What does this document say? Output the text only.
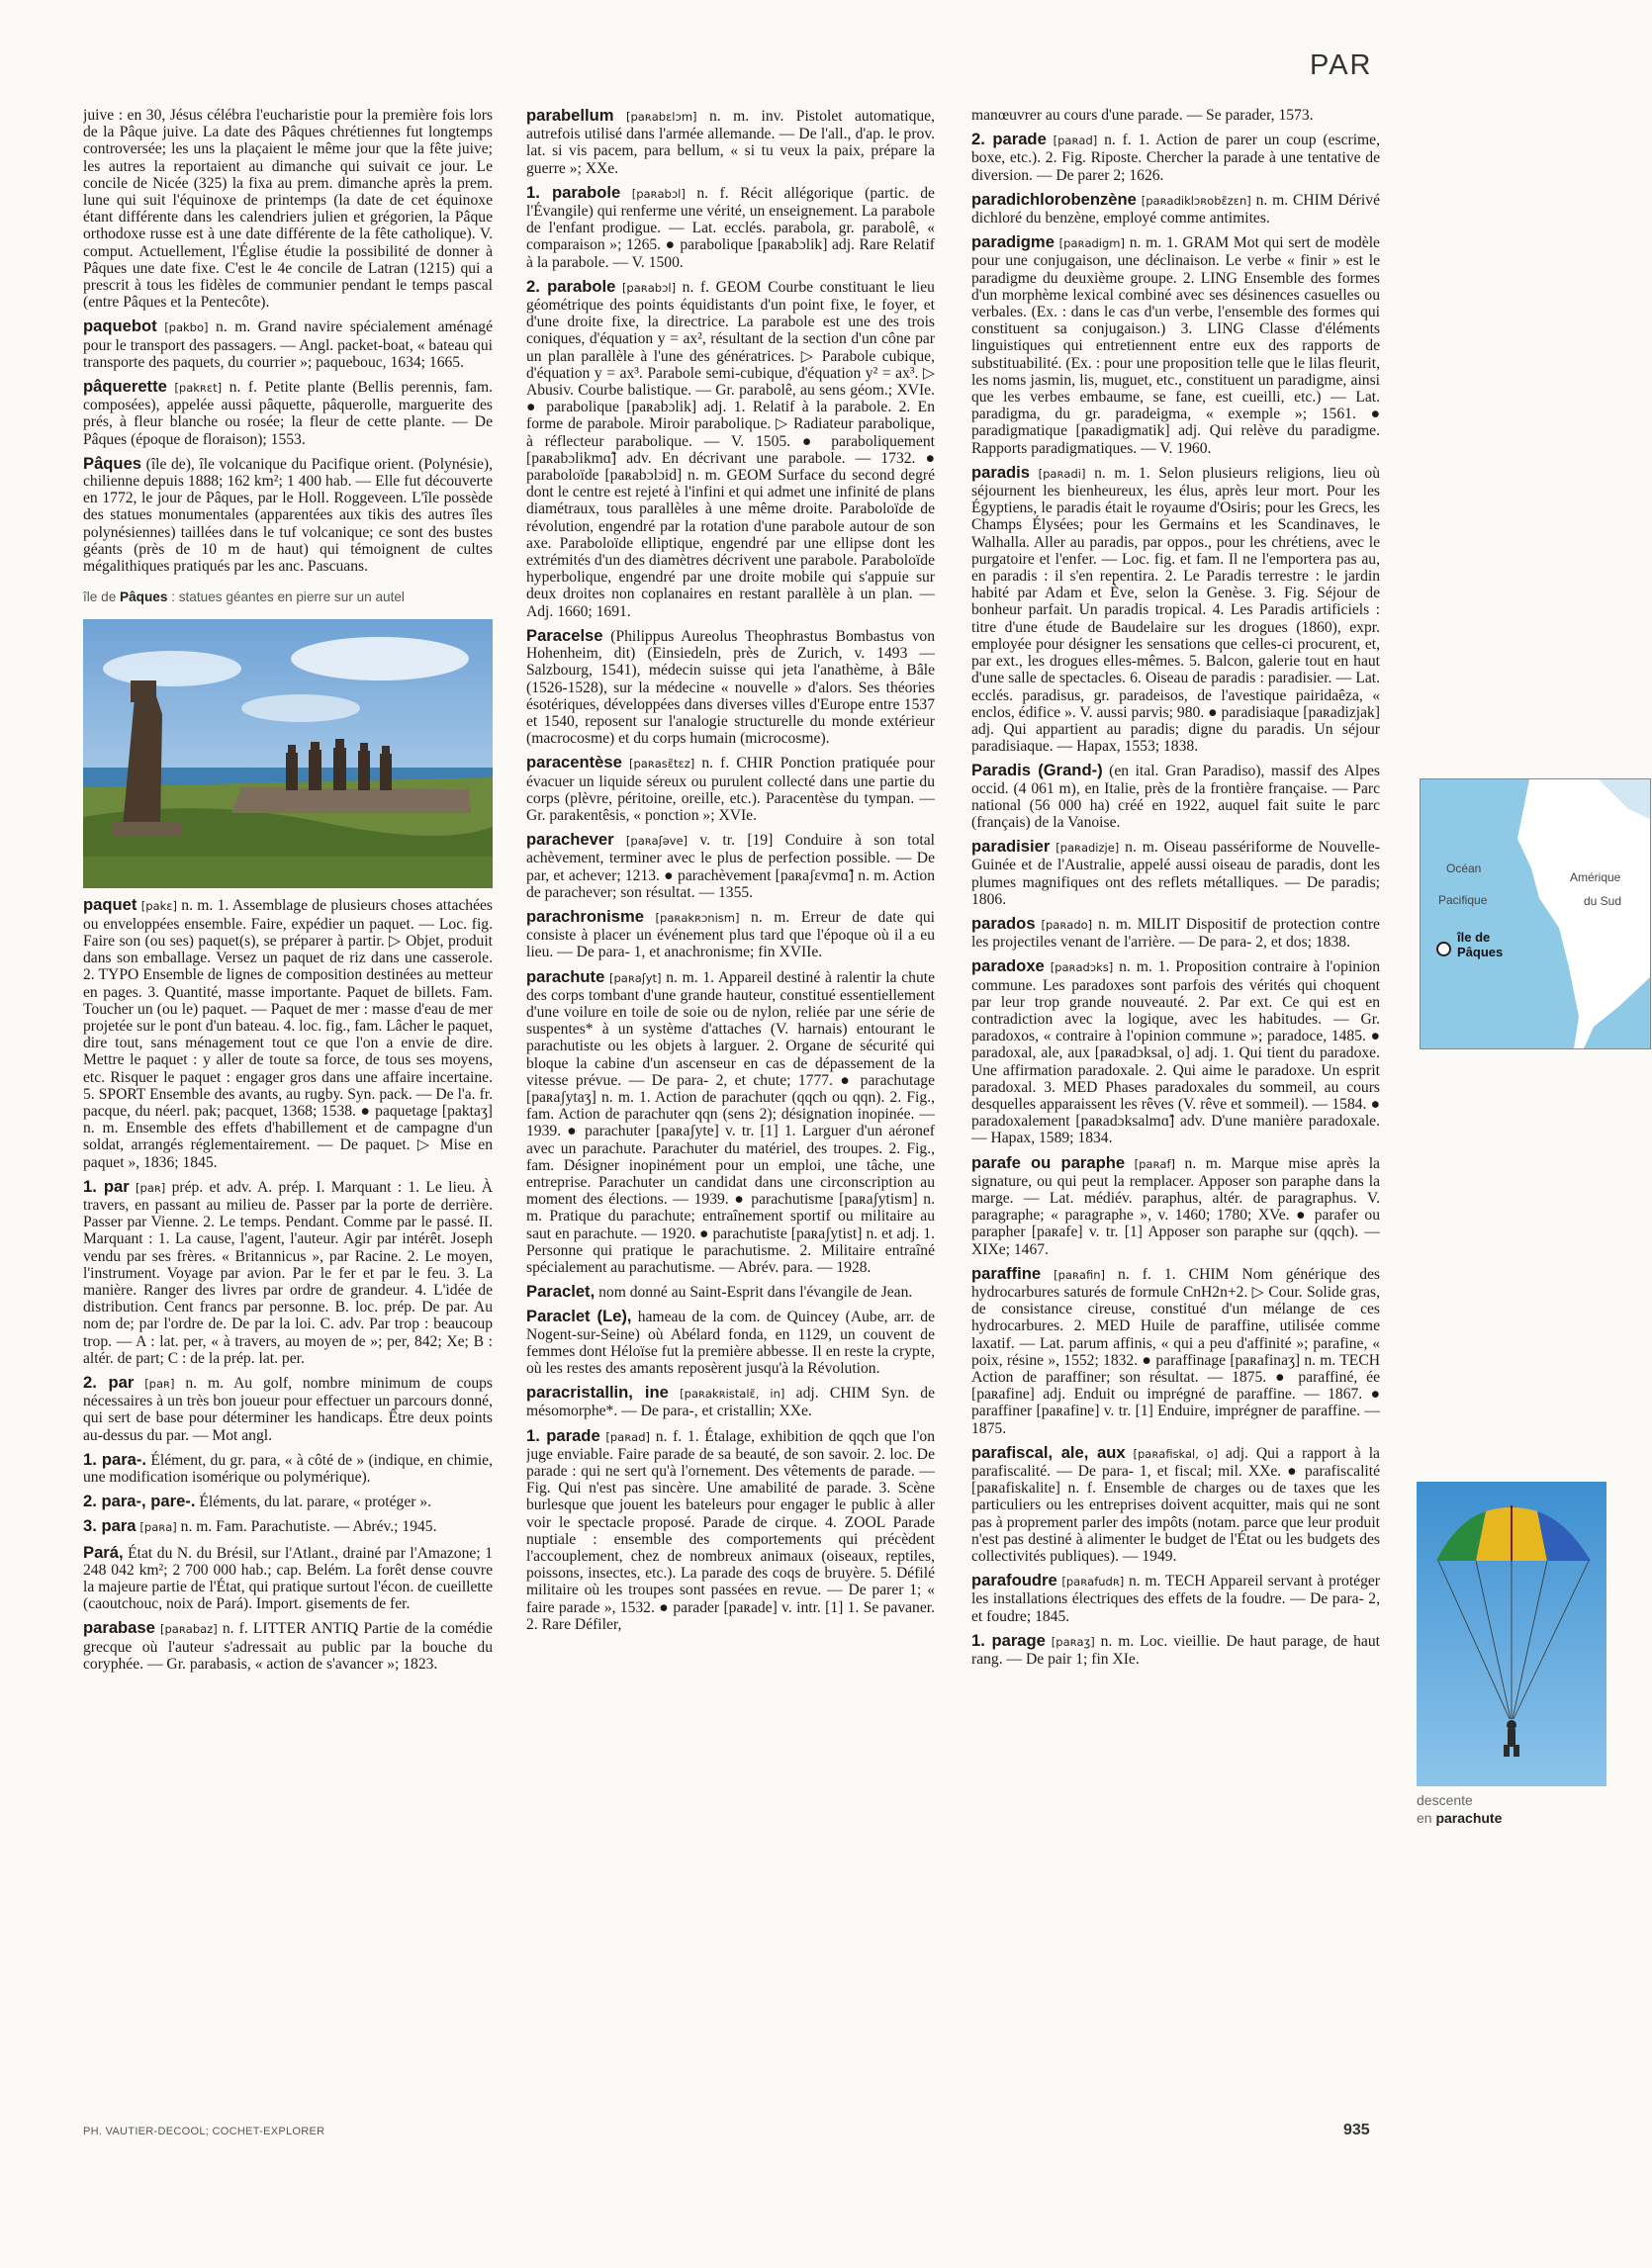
PAR

juive : en 30, Jésus célébra l'eucharistie pour la première fois lors de la Pâque juive. La date des Pâques chrétiennes fut longtemps controversée; les uns la plaçaient le même jour que la fête juive; les autres la reportaient au dimanche qui suivait ce jour. Le concile de Nicée (325) la fixa au prem. dimanche après la prem. lune qui suit l'équinoxe de printemps (la date de cet équinoxe étant différente dans les calendriers julien et grégorien, la Pâque orthodoxe russe est à une date différente de la fête catholique). V. comput. Actuellement, l'Église étudie la possibilité de donner à Pâques une date fixe. C'est le 4e concile de Latran (1215) qui a prescrit à tous les fidèles de communier pendant le temps pascal (entre Pâques et la Pentecôte).

paquebot [pakbo] n. m. Grand navire spécialement aménagé pour le transport des passagers. — Angl. packet-boat, « bateau qui transporte des paquets, du courrier »; paquebouc, 1634; 1665.

pâquerette [pakʀɛt] n. f. Petite plante (Bellis perennis, fam. composées), appelée aussi pâquette, pâquerolle, marguerite des prés, à fleur blanche ou rosée; la fleur de cette plante. — De Pâques (époque de floraison); 1553.

Pâques (île de), île volcanique du Pacifique orient. (Polynésie), chilienne depuis 1888; 162 km²; 1 400 hab. — Elle fut découverte en 1772, le jour de Pâques, par le Holl. Roggeveen. L'île possède des statues monumentales (apparentées aux tikis des autres îles polynésiennes) taillées dans le tuf volcanique; ce sont des bustes géants (près de 10 m de haut) qui témoignent de cultes mégalithiques pratiqués par les anc. Pascuans.

île de Pâques : statues géantes en pierre sur un autel

paquet [pakɛ] n. m. 1. Assemblage de plusieurs choses attachées ou enveloppées ensemble. Faire, expédier un paquet. — Loc. fig. Faire son (ou ses) paquet(s), se préparer à partir. ▷ Objet, produit dans son emballage. Versez un paquet de riz dans une casserole. 2. TYPO Ensemble de lignes de composition destinées au metteur en pages. 3. Quantité, masse importante. Paquet de billets. Fam. Toucher un (ou le) paquet. — Paquet de mer : masse d'eau de mer projetée sur le pont d'un bateau. 4. loc. fig., fam. Lâcher le paquet, dire tout, sans ménagement tout ce que l'on a envie de dire. Mettre le paquet : y aller de toute sa force, de tous ses moyens, etc. Risquer le paquet : engager gros dans une affaire incertaine. 5. SPORT Ensemble des avants, au rugby. Syn. pack. — De l'a. fr. pacque, du néerl. pak; pacquet, 1368; 1538. ● paquetage [paktaʒ] n. m. Ensemble des effets d'habillement et de campagne d'un soldat, arrangés réglementairement. — De paquet. ▷ Mise en paquet », 1836; 1845.

1. par [paʀ] prép. et adv. A. prép. I. Marquant : 1. Le lieu. À travers, en passant au milieu de. Passer par la porte de derrière. Passer par Vienne. 2. Le temps. Pendant. Comme par le passé. II. Marquant : 1. La cause, l'agent, l'auteur. Agir par intérêt. Joseph vendu par ses frères. « Britannicus », par Racine. 2. Le moyen, l'instrument. Voyage par avion. Par le fer et par le feu. 3. La manière. Ranger des livres par ordre de grandeur. 4. L'idée de distribution. Cent francs par personne. B. loc. prép. De par. Au nom de; par l'ordre de. De par la loi. C. adv. Par trop : beaucoup trop. — A : lat. per, « à travers, au moyen de »; per, 842; Xe; B : altér. de part; C : de la prép. lat. per.

2. par [paʀ] n. m. Au golf, nombre minimum de coups nécessaires à un très bon joueur pour effectuer un parcours donné, qui sert de base pour déterminer les handicaps. Être deux points au-dessus du par. — Mot angl.

1. para-. Élément, du gr. para, « à côté de » (indique, en chimie, une modification isomérique ou polymérique).

2. para-, pare-. Éléments, du lat. parare, « protéger ».

3. para [paʀa] n. m. Fam. Parachutiste. — Abrév.; 1945.

Pará, État du N. du Brésil, sur l'Atlant., drainé par l'Amazone; 1 248 042 km²; 2 700 000 hab.; cap. Belém. La forêt dense couvre la majeure partie de l'État, qui pratique surtout l'écon. de cueillette (caoutchouc, noix de Pará). Import. gisements de fer.

parabase [paʀabaz] n. f. LITTER ANTIQ Partie de la comédie grecque où l'auteur s'adressait au public par la bouche du coryphée. — Gr. parabasis, « action de s'avancer »; 1823.

parabellum [paʀabɛlɔm] n. m. inv. Pistolet automatique, autrefois utilisé dans l'armée allemande. — De l'all., d'ap. le prov. lat. si vis pacem, para bellum, « si tu veux la paix, prépare la guerre »; XXe.

1. parabole [paʀabɔl] n. f. Récit allégorique (partic. de l'Évangile) qui renferme une vérité, un enseignement. La parabole de l'enfant prodigue. — Lat. ecclés. parabola, gr. parabolê, « comparaison »; 1265. ● parabolique [paʀabɔlik] adj. Rare Relatif à la parabole. — V. 1500.

2. parabole [paʀabɔl] n. f. GEOM Courbe constituant le lieu géométrique des points équidistants d'un point fixe, le foyer, et d'une droite fixe, la directrice. La parabole est une des trois coniques, d'équation y = ax², résultant de la section d'un cône par un plan parallèle à l'une des génératrices. ▷ Parabole cubique, d'équation y = ax³. Parabole semi-cubique, d'équation y² = ax³. ▷ Abusiv. Courbe balistique. — Gr. parabolê, au sens géom.; XVIe. ● parabolique [paʀabɔlik] adj. 1. Relatif à la parabole. 2. En forme de parabole. Miroir parabolique. ▷ Radiateur parabolique, à réflecteur parabolique. — V. 1505. ● paraboliquement [paʀabɔlikmɑ̃] adv. En décrivant une parabole. — 1732. ● paraboloïde [paʀabɔlɔid] n. m. GEOM Surface du second degré dont le centre est rejeté à l'infini et qui admet une infinité de plans diamétraux, tous parallèles à une même droite. Paraboloïde de révolution, engendré par la rotation d'une parabole autour de son axe. Paraboloïde elliptique, engendré par une ellipse dont les extrémités d'un des diamètres décrivent une parabole. Paraboloïde hyperbolique, engendré par une droite mobile qui s'appuie sur deux droites non coplanaires en restant parallèle à un plan. — Adj. 1660; 1691.

Paracelse (Philippus Aureolus Theophrastus Bombastus von Hohenheim, dit) (Einsiedeln, près de Zurich, v. 1493 — Salzbourg, 1541), médecin suisse qui jeta l'anathème, à Bâle (1526-1528), sur la médecine « nouvelle » d'alors. Ses théories ésotériques, développées dans diverses villes d'Europe entre 1537 et 1540, reposent sur l'analogie structurelle du monde extérieur (macrocosme) et du corps humain (microcosme).

paracentèse [paʀasɛ̃tɛz] n. f. CHIR Ponction pratiquée pour évacuer un liquide séreux ou purulent collecté dans une partie du corps (plèvre, péritoine, oreille, etc.). Paracentèse du tympan. — Gr. parakentêsis, « ponction »; XVIe.

parachever [paʀaʃəve] v. tr. [19] Conduire à son total achèvement, terminer avec le plus de perfection possible. — De par, et achever; 1213. ● parachèvement [paʀaʃɛvmɑ̃] n. m. Action de parachever; son résultat. — 1355.

parachronisme [paʀakʀɔnism] n. m. Erreur de date qui consiste à placer un événement plus tard que l'époque où il a eu lieu. — De para- 1, et anachronisme; fin XVIIe.

parachute [paʀaʃyt] n. m. 1. Appareil destiné à ralentir la chute des corps tombant d'une grande hauteur, constitué essentiellement d'une voilure en toile de soie ou de nylon, reliée par une série de suspentes* à un système d'attaches (V. harnais) entourant le parachutiste ou les objets à larguer. 2. Organe de sécurité qui bloque la cabine d'un ascenseur en cas de dépassement de la vitesse prévue. — De para- 2, et chute; 1777. ● parachutage [paʀaʃytaʒ] n. m. 1. Action de parachuter (qqch ou qqn). 2. Fig., fam. Action de parachuter qqn (sens 2); désignation inopinée. — 1939. ● parachuter [paʀaʃyte] v. tr. [1] 1. Larguer d'un aéronef avec un parachute. Parachuter du matériel, des troupes. 2. Fig., fam. Désigner inopinément pour un emploi, une tâche, une entreprise. Parachuter un candidat dans une circonscription au moment des élections. — 1939. ● parachutisme [paʀaʃytism] n. m. Pratique du parachute; entraînement sportif ou militaire au saut en parachute. — 1920. ● parachutiste [paʀaʃytist] n. et adj. 1. Personne qui pratique le parachutisme. 2. Militaire entraîné spécialement au parachutisme. — Abrév. para. — 1928.

Paraclet, nom donné au Saint-Esprit dans l'évangile de Jean.

Paraclet (Le), hameau de la com. de Quincey (Aube, arr. de Nogent-sur-Seine) où Abélard fonda, en 1129, un couvent de femmes dont Héloïse fut la première abbesse. Il en reste la crypte, où les restes des amants reposèrent jusqu'à la Révolution.

paracristallin, ine [paʀakʀistalɛ̃, in] adj. CHIM Syn. de mésomorphe*. — De para-, et cristallin; XXe.

1. parade [paʀad] n. f. 1. Étalage, exhibition de qqch que l'on juge enviable. Faire parade de sa beauté, de son savoir. 2. loc. De parade : qui ne sert qu'à l'ornement. Des vêtements de parade. — Fig. Qui n'est pas sincère. Une amabilité de parade. 3. Scène burlesque que jouent les bateleurs pour engager le public à aller voir le spectacle proposé. Parade de cirque. 4. ZOOL Parade nuptiale : ensemble des comportements qui précèdent l'accouplement, chez de nombreux animaux (oiseaux, reptiles, poissons, insectes, etc.). La parade des coqs de bruyère. 5. Défilé militaire où les troupes sont passées en revue. — De parer 1; « faire parade », 1532. ● parader [paʀade] v. intr. [1] 1. Se pavaner. 2. Rare Défiler,

manœuvrer au cours d'une parade. — Se parader, 1573.

2. parade [paʀad] n. f. 1. Action de parer un coup (escrime, boxe, etc.). 2. Fig. Riposte. Chercher la parade à une tentative de diversion. — De parer 2; 1626.

paradichlorobenzène [paʀadiklɔʀobɛ̃zɛn] n. m. CHIM Dérivé dichloré du benzène, employé comme antimites.

paradigme [paʀadigm] n. m. 1. GRAM Mot qui sert de modèle pour une conjugaison, une déclinaison. Le verbe « finir » est le paradigme du deuxième groupe. 2. LING Ensemble des formes d'un morphème lexical combiné avec ses désinences casuelles ou verbales. (Ex. : dans le cas d'un verbe, l'ensemble des formes qui constituent sa conjugaison.) 3. LING Classe d'éléments linguistiques qui entretiennent entre eux des rapports de substituabilité. (Ex. : pour une proposition telle que le lilas fleurit, les noms jasmin, lis, muguet, etc., constituent un paradigme, ainsi que les verbes embaume, se fane, est cueilli, etc.) — Lat. paradigma, du gr. paradeigma, « exemple »; 1561. ● paradigmatique [paʀadigmatik] adj. Qui relève du paradigme. Rapports paradigmatiques. — V. 1960.

paradis [paʀadi] n. m. 1. Selon plusieurs religions, lieu où séjournent les bienheureux, les élus, après leur mort. Pour les Égyptiens, le paradis était le royaume d'Osiris; pour les Grecs, les Champs Élysées; pour les Germains et les Scandinaves, le Walhalla. Aller au paradis, par oppos., pour les chrétiens, avec le purgatoire et l'enfer. — Loc. fig. et fam. Il ne l'emportera pas au, en paradis : il s'en repentira. 2. Le Paradis terrestre : le jardin habité par Adam et Ève, selon la Genèse. 3. Fig. Séjour de bonheur parfait. Un paradis tropical. 4. Les Paradis artificiels : titre d'une étude de Baudelaire sur les drogues (1860), expr. employée pour désigner les sensations que celles-ci procurent, et, par ext., les drogues elles-mêmes. 5. Balcon, galerie tout en haut d'une salle de spectacles. 6. Oiseau de paradis : paradisier. — Lat. ecclés. paradisus, gr. paradeisos, de l'avestique pairidaêza, « enclos, édifice ». V. aussi parvis; 980. ● paradisiaque [paʀadizjak] adj. Qui appartient au paradis; digne du paradis. Un séjour paradisiaque. — Hapax, 1553; 1838.

Paradis (Grand-) (en ital. Gran Paradiso), massif des Alpes occid. (4 061 m), en Italie, près de la frontière française. — Parc national (56 000 ha) créé en 1922, auquel fait suite le parc (français) de la Vanoise.

paradisier [paʀadizje] n. m. Oiseau passériforme de Nouvelle-Guinée et de l'Australie, appelé aussi oiseau de paradis, dont les plumes magnifiques ont des reflets métalliques. — De paradis; 1806.

parados [paʀado] n. m. MILIT Dispositif de protection contre les projectiles venant de l'arrière. — De para- 2, et dos; 1838.

paradoxe [paʀadɔks] n. m. 1. Proposition contraire à l'opinion commune. Les paradoxes sont parfois des vérités qui choquent par leur trop grande nouveauté. 2. Par ext. Ce qui est en contradiction avec la logique, avec les habitudes. — Gr. paradoxos, « contraire à l'opinion commune »; paradoce, 1485. ● paradoxal, ale, aux [paʀadɔksal, o] adj. 1. Qui tient du paradoxe. Une affirmation paradoxale. 2. Qui aime le paradoxe. Un esprit paradoxal. 3. MED Phases paradoxales du sommeil, au cours desquelles apparaissent les rêves (V. rêve et sommeil). — 1584. ● paradoxalement [paʀadɔksalmɑ̃] adv. D'une manière paradoxale. — Hapax, 1589; 1834.

parafe ou paraphe [paʀaf] n. m. Marque mise après la signature, ou qui peut la remplacer. Apposer son paraphe dans la marge. — Lat. médiév. paraphus, altér. de paragraphus. V. paragraphe; « paragraphe », v. 1460; 1780; XVe. ● parafer ou parapher [paʀafe] v. tr. [1] Apposer son paraphe sur (qqch). — XIXe; 1467.

paraffine [paʀafin] n. f. 1. CHIM Nom générique des hydrocarbures saturés de formule CnH2n+2. ▷ Cour. Solide gras, de consistance cireuse, constitué d'un mélange de ces hydrocarbures. 2. MED Huile de paraffine, utilisée comme laxatif. — Lat. parum affinis, « qui a peu d'affinité »; parafine, « poix, résine », 1552; 1832. ● paraffinage [paʀafinaʒ] n. m. TECH Action de paraffiner; son résultat. — 1875. ● paraffiné, ée [paʀafine] adj. Enduit ou imprégné de paraffine. — 1867. ● paraffiner [paʀafine] v. tr. [1] Enduire, imprégner de paraffine. — 1875.

parafiscal, ale, aux [paʀafiskal, o] adj. Qui a rapport à la parafiscalité. — De para- 1, et fiscal; mil. XXe. ● parafiscalité [paʀafiskalite] n. f. Ensemble de charges ou de taxes que les particuliers ou les entreprises doivent acquitter, mais qui ne sont pas à proprement parler des impôts (notam. parce que leur produit n'est pas destiné à alimenter le budget de l'État ou les budgets des collectivités publiques). — 1949.

parafoudre [paʀafudʀ] n. m. TECH Appareil servant à protéger les installations électriques des effets de la foudre. — De para- 2, et foudre; 1845.

1. parage [paʀaʒ] n. m. Loc. vieillie. De haut parage, de haut rang. — De pair 1; fin XIe.

Océan
Pacifique
Amérique
du Sud
île de
Pâques
descente
en parachute
PH. VAUTIER-DECOOL; COCHET-EXPLORER	935
